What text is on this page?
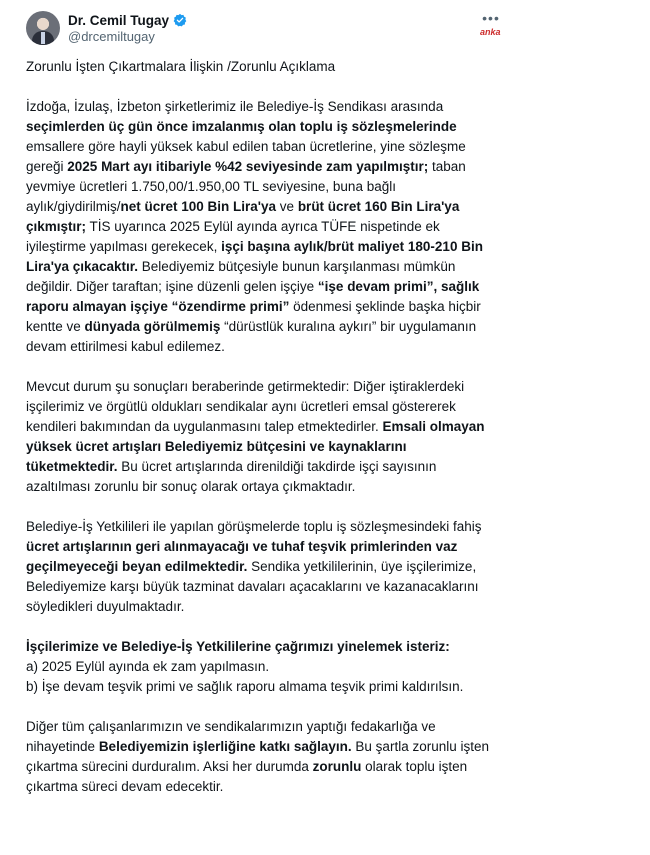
Dr. Cemil Tugay
@drcemiltugay
•••
anka

Zorunlu İşten Çıkartmalara İlişkin /Zorunlu Açıklama

İzdoğa, İzulaş, İzbeton şirketlerimiz ile Belediye-İş Sendikası arasında seçimlerden üç gün önce imzalanmış olan toplu iş sözleşmelerinde emsallere göre hayli yüksek kabul edilen taban ücretlerine, yine sözleşme gereği 2025 Mart ayı itibariyle %42 seviyesinde zam yapılmıştır; taban yevmiye ücretleri 1.750,00/1.950,00 TL seviyesine, buna bağlı aylık/giydirilmiş/net ücret 100 Bin Lira'ya ve brüt ücret 160 Bin Lira'ya çıkmıştır; TİS uyarınca 2025 Eylül ayında ayrıca TÜFE nispetinde ek iyileştirme yapılması gerekecek, işçi başına aylık/brüt maliyet 180-210 Bin Lira'ya çıkacaktır. Belediyemiz bütçesiyle bunun karşılanması mümkün değildir. Diğer taraftan; işine düzenli gelen işçiye “işe devam primi”, sağlık raporu almayan işçiye “özendirme primi” ödenmesi şeklinde başka hiçbir kentte ve dünyada görülmemiş “dürüstlük kuralına aykırı” bir uygulamanın devam ettirilmesi kabul edilemez.

Mevcut durum şu sonuçları beraberinde getirmektedir: Diğer iştiraklerdeki işçilerimiz ve örgütlü oldukları sendikalar aynı ücretleri emsal göstererek kendileri bakımından da uygulanmasını talep etmektedirler. Emsali olmayan yüksek ücret artışları Belediyemiz bütçesini ve kaynaklarını tüketmektedir. Bu ücret artışlarında direnildiği takdirde işçi sayısının azaltılması zorunlu bir sonuç olarak ortaya çıkmaktadır.

Belediye-İş Yetkilileri ile yapılan görüşmelerde toplu iş sözleşmesindeki fahiş ücret artışlarının geri alınmayacağı ve tuhaf teşvik primlerinden vaz geçilmeyeceği beyan edilmektedir. Sendika yetkililerinin, üye işçilerimize, Belediyemize karşı büyük tazminat davaları açacaklarını ve kazanacaklarını söyledikleri duyulmaktadır.

İşçilerimize ve Belediye-İş Yetkililerine çağrımızı yinelemek isteriz:

a) 2025 Eylül ayında ek zam yapılmasın.

b) İşe devam teşvik primi ve sağlık raporu almama teşvik primi kaldırılsın.

Diğer tüm çalışanlarımızın ve sendikalarımızın yaptığı fedakarlığa ve nihayetinde Belediyemizin işlerliğine katkı sağlayın. Bu şartla zorunlu işten çıkartma sürecini durduralım. Aksi her durumda zorunlu olarak toplu işten çıkartma süreci devam edecektir.
